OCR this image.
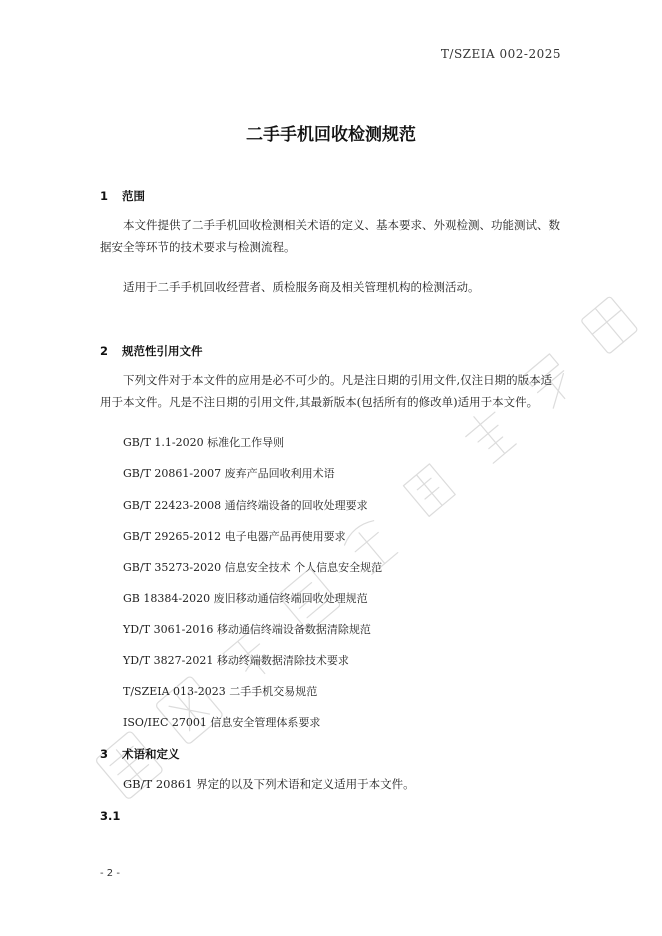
T/SZEIA 002-2025
二手手机回收检测规范
1 范围
本文件提供了二手手机回收检测相关术语的定义、基本要求、外观检测、功能测试、数据安全等环节的技术要求与检测流程。
适用于二手手机回收经营者、质检服务商及相关管理机构的检测活动。
2 规范性引用文件
下列文件对于本文件的应用是必不可少的。凡是注日期的引用文件,仅注日期的版本适用于本文件。凡是不注日期的引用文件,其最新版本(包括所有的修改单)适用于本文件。
GB/T 1.1-2020 标准化工作导则
GB/T 20861-2007 废弃产品回收利用术语
GB/T 22423-2008 通信终端设备的回收处理要求
GB/T 29265-2012 电子电器产品再使用要求
GB/T 35273-2020 信息安全技术 个人信息安全规范
GB 18384-2020 废旧移动通信终端回收处理规范
YD/T 3061-2016 移动通信终端设备数据清除规范
YD/T 3827-2021 移动终端数据清除技术要求
T/SZEIA 013-2023 二手手机交易规范
ISO/IEC 27001 信息安全管理体系要求
3 术语和定义
GB/T 20861 界定的以及下列术语和定义适用于本文件。
3.1
- 2 -
